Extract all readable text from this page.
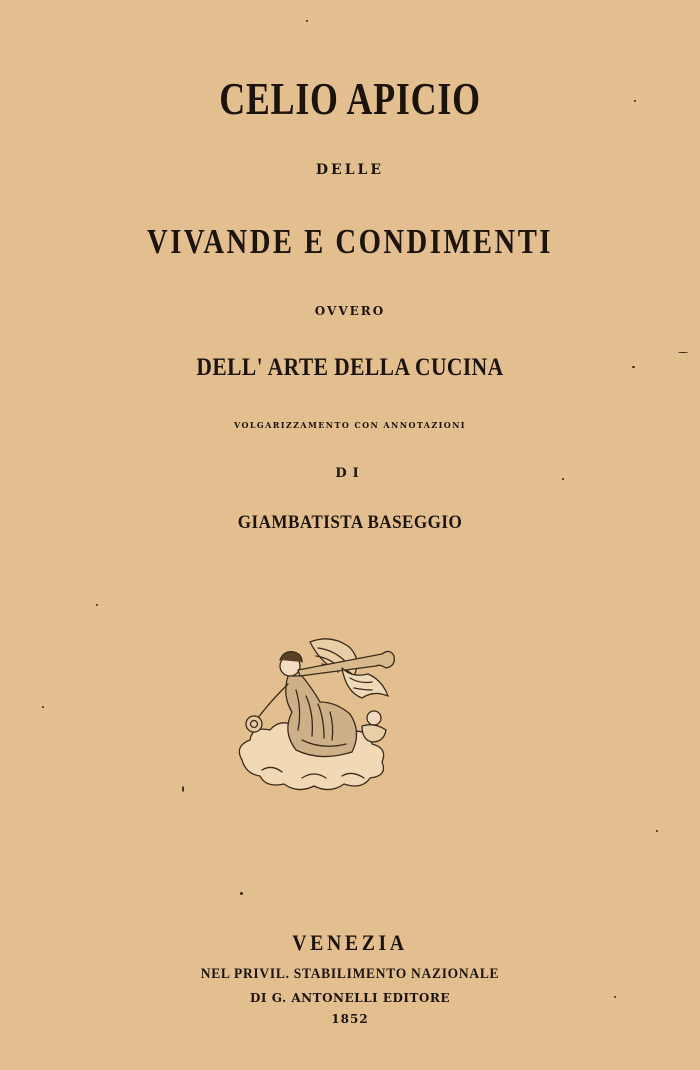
CELIO APICIO
DELLE
VIVANDE E CONDIMENTI
OVVERO
DELL' ARTE DELLA CUCINA
VOLGARIZZAMENTO CON ANNOTAZIONI
DI
GIAMBATISTA BASEGGIO
VENEZIA
NEL PRIVIL. STABILIMENTO NAZIONALE
DI G. ANTONELLI EDITORE
1852
